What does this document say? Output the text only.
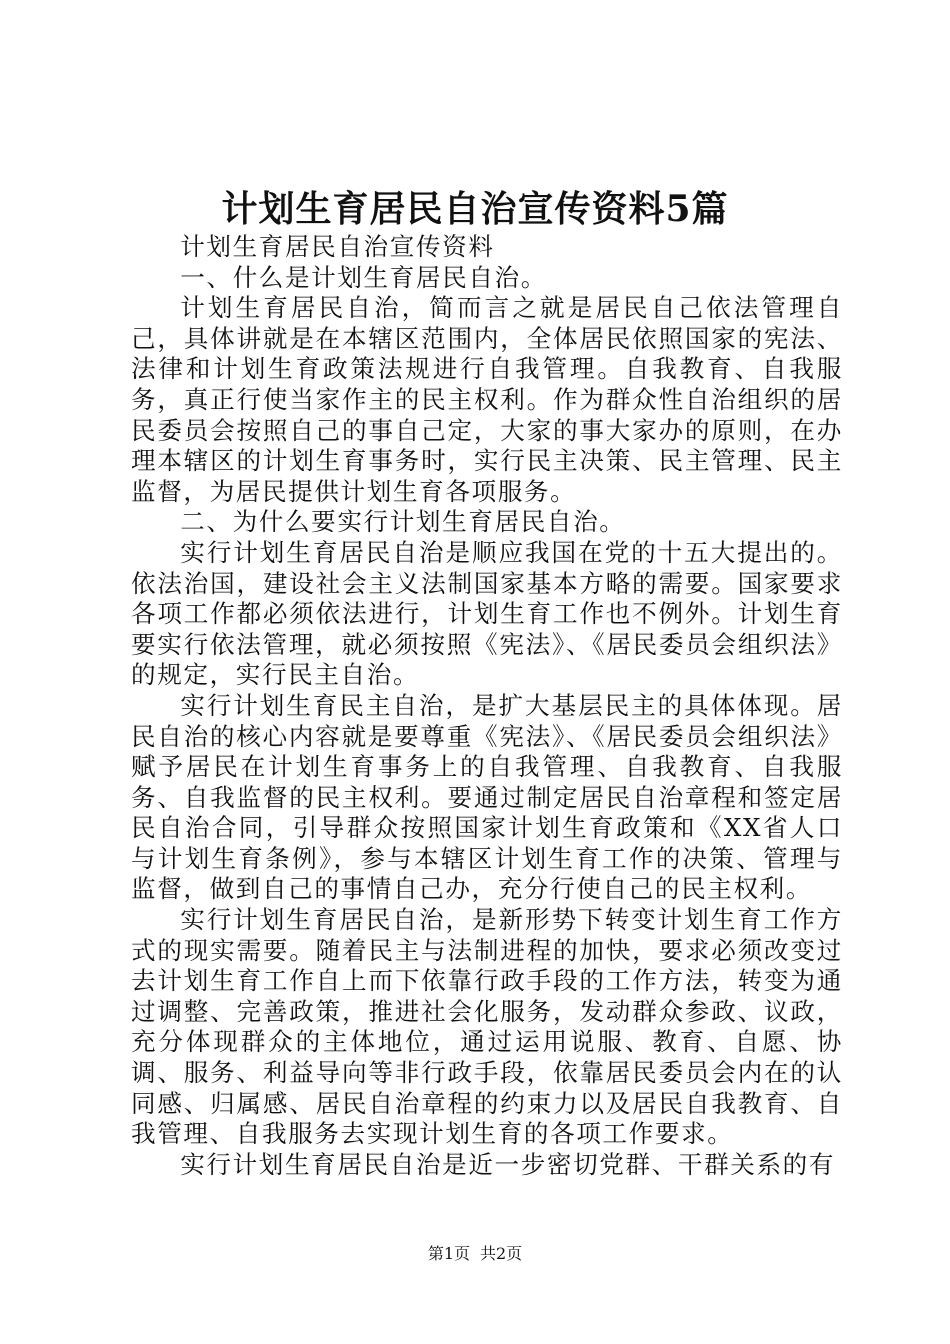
计划生育居民自治宣传资料5篇

计划生育居民自治宣传资料

一、什么是计划生育居民自治。

计划生育居民自治，简而言之就是居民自己依法管理自己，具体讲就是在本辖区范围内，全体居民依照国家的宪法、法律和计划生育政策法规进行自我管理。自我教育、自我服务，真正行使当家作主的民主权利。作为群众性自治组织的居民委员会按照自己的事自己定，大家的事大家办的原则，在办理本辖区的计划生育事务时，实行民主决策、民主管理、民主监督，为居民提供计划生育各项服务。

二、为什么要实行计划生育居民自治。

实行计划生育居民自治是顺应我国在党的十五大提出的。依法治国，建设社会主义法制国家基本方略的需要。国家要求各项工作都必须依法进行，计划生育工作也不例外。计划生育要实行依法管理，就必须按照《宪法》、《居民委员会组织法》的规定，实行民主自治。

实行计划生育民主自治，是扩大基层民主的具体体现。居民自治的核心内容就是要尊重《宪法》、《居民委员会组织法》赋予居民在计划生育事务上的自我管理、自我教育、自我服务、自我监督的民主权利。要通过制定居民自治章程和签定居民自治合同，引导群众按照国家计划生育政策和《XX省人口与计划生育条例》，参与本辖区计划生育工作的决策、管理与监督，做到自己的事情自己办，充分行使自己的民主权利。

实行计划生育居民自治，是新形势下转变计划生育工作方式的现实需要。随着民主与法制进程的加快，要求必须改变过去计划生育工作自上而下依靠行政手段的工作方法，转变为通过调整、完善政策，推进社会化服务，发动群众参政、议政，充分体现群众的主体地位，通过运用说服、教育、自愿、协调、服务、利益导向等非行政手段，依靠居民委员会内在的认同感、归属感、居民自治章程的约束力以及居民自我教育、自我管理、自我服务去实现计划生育的各项工作要求。

实行计划生育居民自治是近一步密切党群、干群关系的有

第1页 共2页
